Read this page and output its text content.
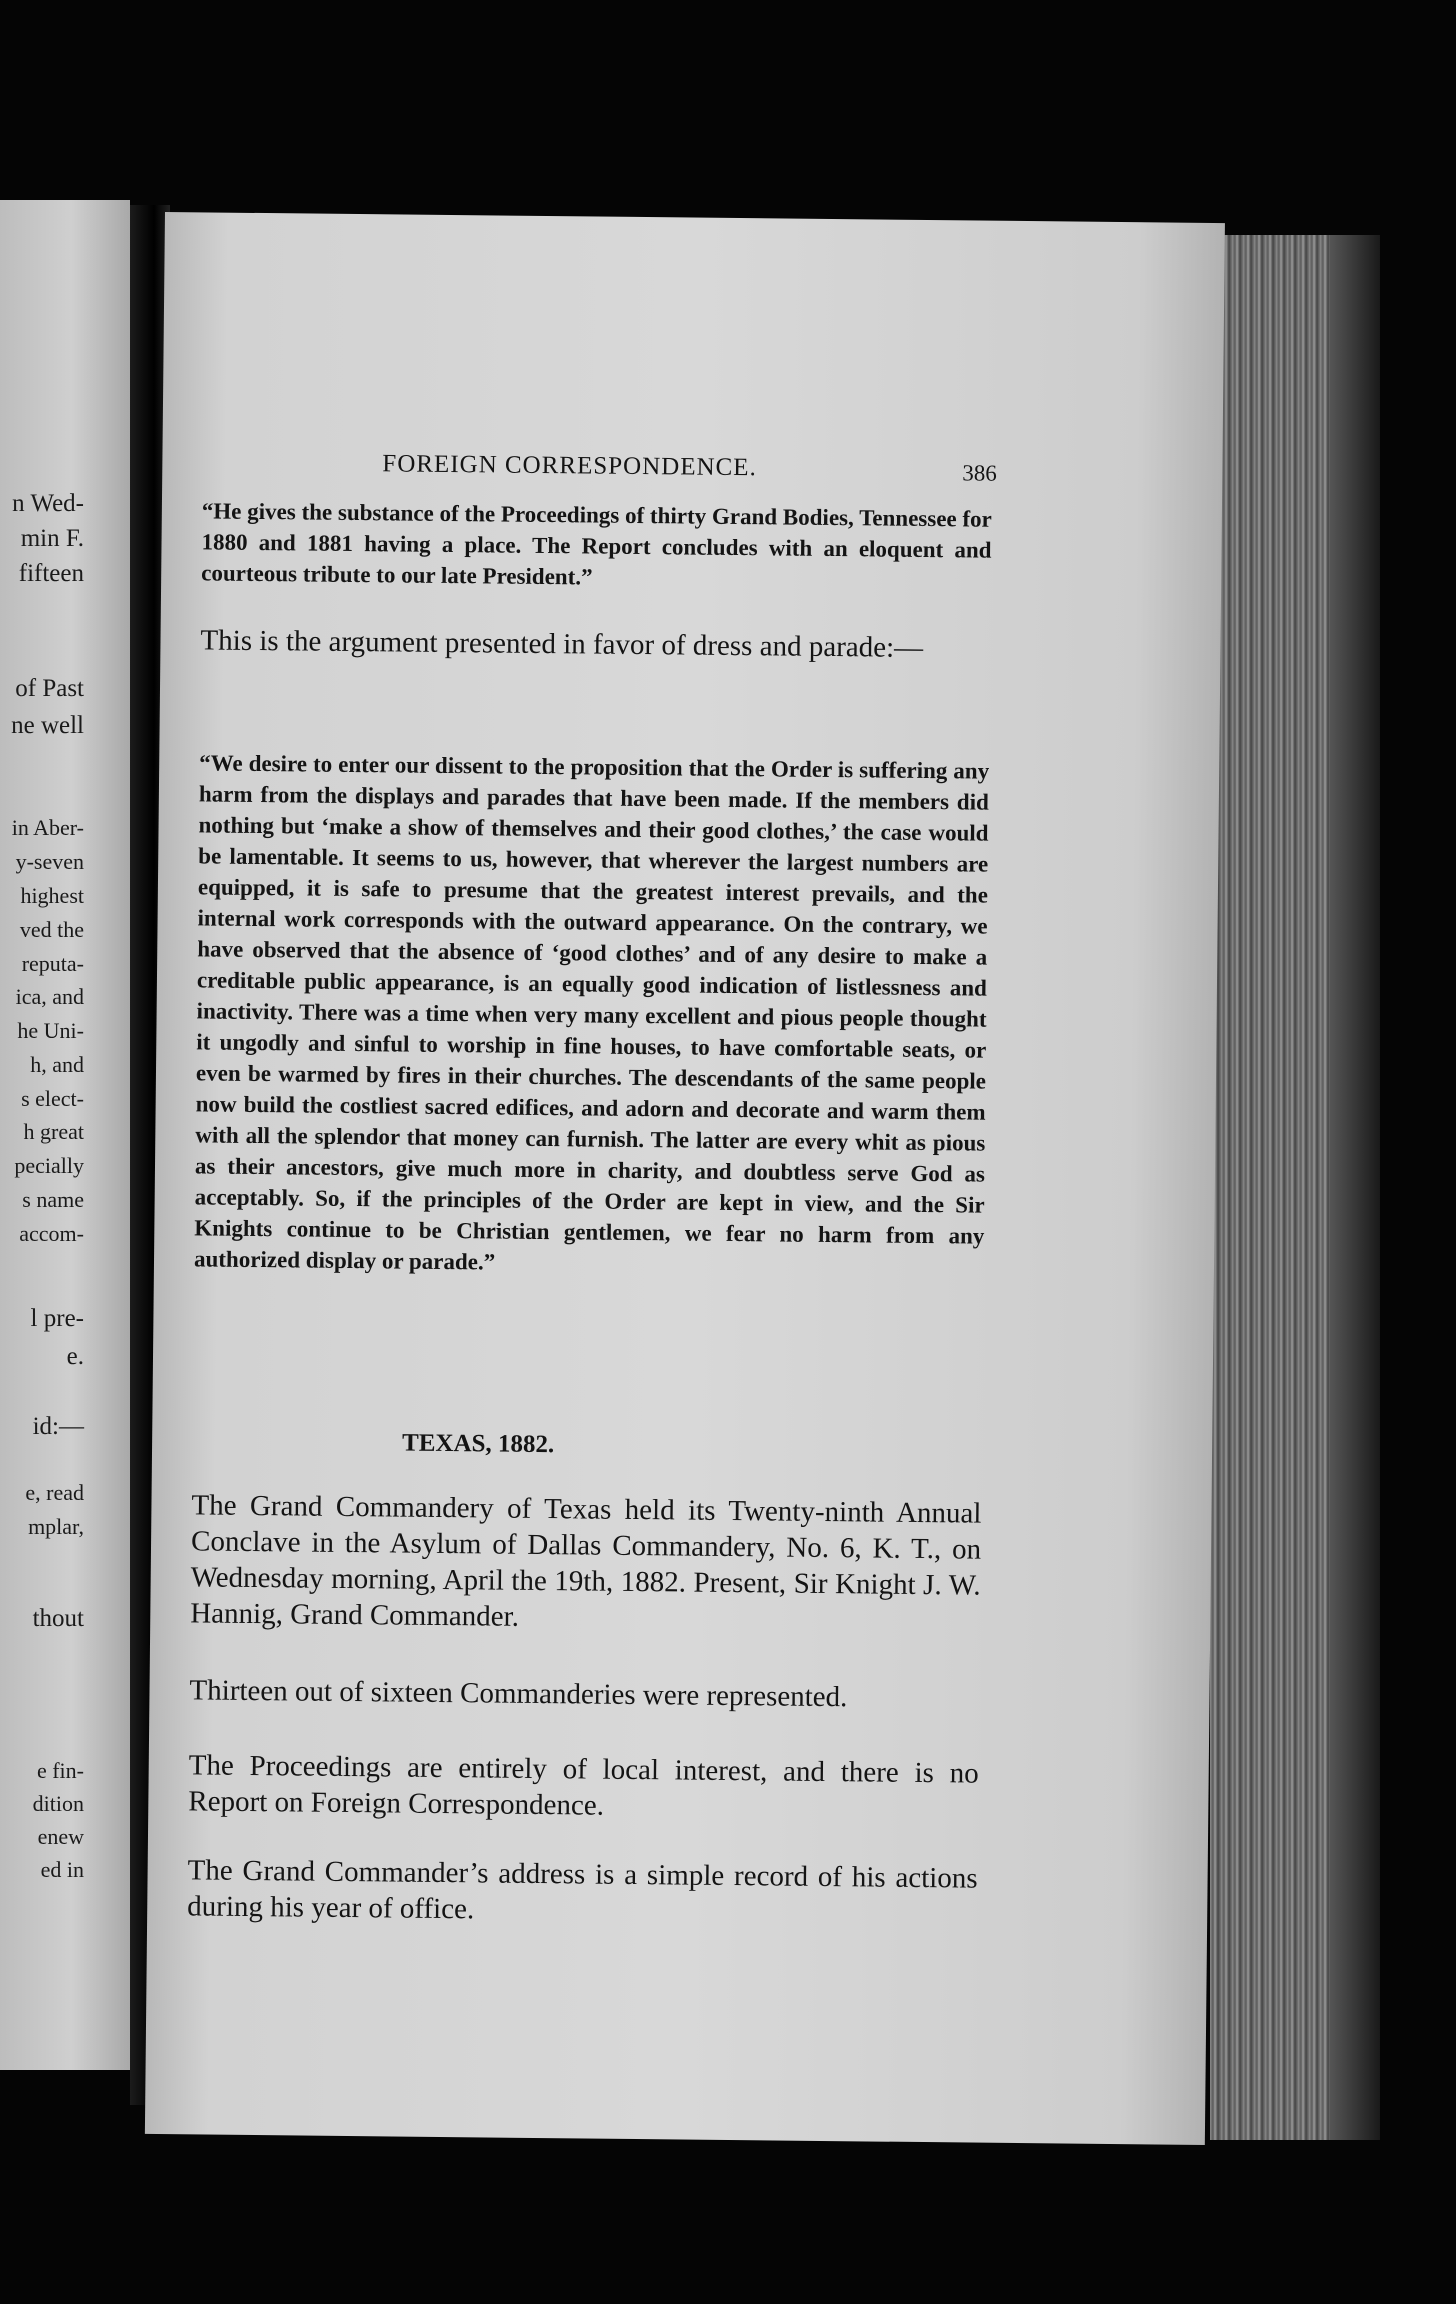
n Wed-
min F.
fifteen
of Past
ne well
in Aber-
y-seven
highest
ved the
reputa-
ica, and
he Uni-
h, and
s elect-
h great
pecially
s name
accom-
l pre-
e.
id:—
e, read
mplar,
thout
e fin-
dition
enew
ed in
FOREIGN CORRESPONDENCE.	386
“He gives the substance of the Proceedings of thirty Grand Bodies, Tennessee for 1880 and 1881 having a place. The Report concludes with an eloquent and courteous tribute to our late President.”
This is the argument presented in favor of dress and parade:—
“We desire to enter our dissent to the proposition that the Order is suffering any harm from the displays and parades that have been made. If the members did nothing but ‘make a show of themselves and their good clothes,’ the case would be lamentable. It seems to us, however, that wherever the largest numbers are equipped, it is safe to presume that the greatest interest prevails, and the internal work corresponds with the outward appearance. On the contrary, we have observed that the absence of ‘good clothes’ and of any desire to make a creditable public appearance, is an equally good indication of listlessness and inactivity. There was a time when very many excellent and pious people thought it ungodly and sinful to worship in fine houses, to have comfortable seats, or even be warmed by fires in their churches. The descendants of the same people now build the costliest sacred edifices, and adorn and decorate and warm them with all the splendor that money can furnish. The latter are every whit as pious as their ancestors, give much more in charity, and doubtless serve God as acceptably. So, if the principles of the Order are kept in view, and the Sir Knights continue to be Christian gentlemen, we fear no harm from any authorized display or parade.”
TEXAS, 1882.
The Grand Commandery of Texas held its Twenty-ninth Annual Conclave in the Asylum of Dallas Commandery, No. 6, K. T., on Wednesday morning, April the 19th, 1882. Present, Sir Knight J. W. Hannig, Grand Commander.
Thirteen out of sixteen Commanderies were represented.
The Proceedings are entirely of local interest, and there is no Report on Foreign Correspondence.
The Grand Commander’s address is a simple record of his actions during his year of office.
